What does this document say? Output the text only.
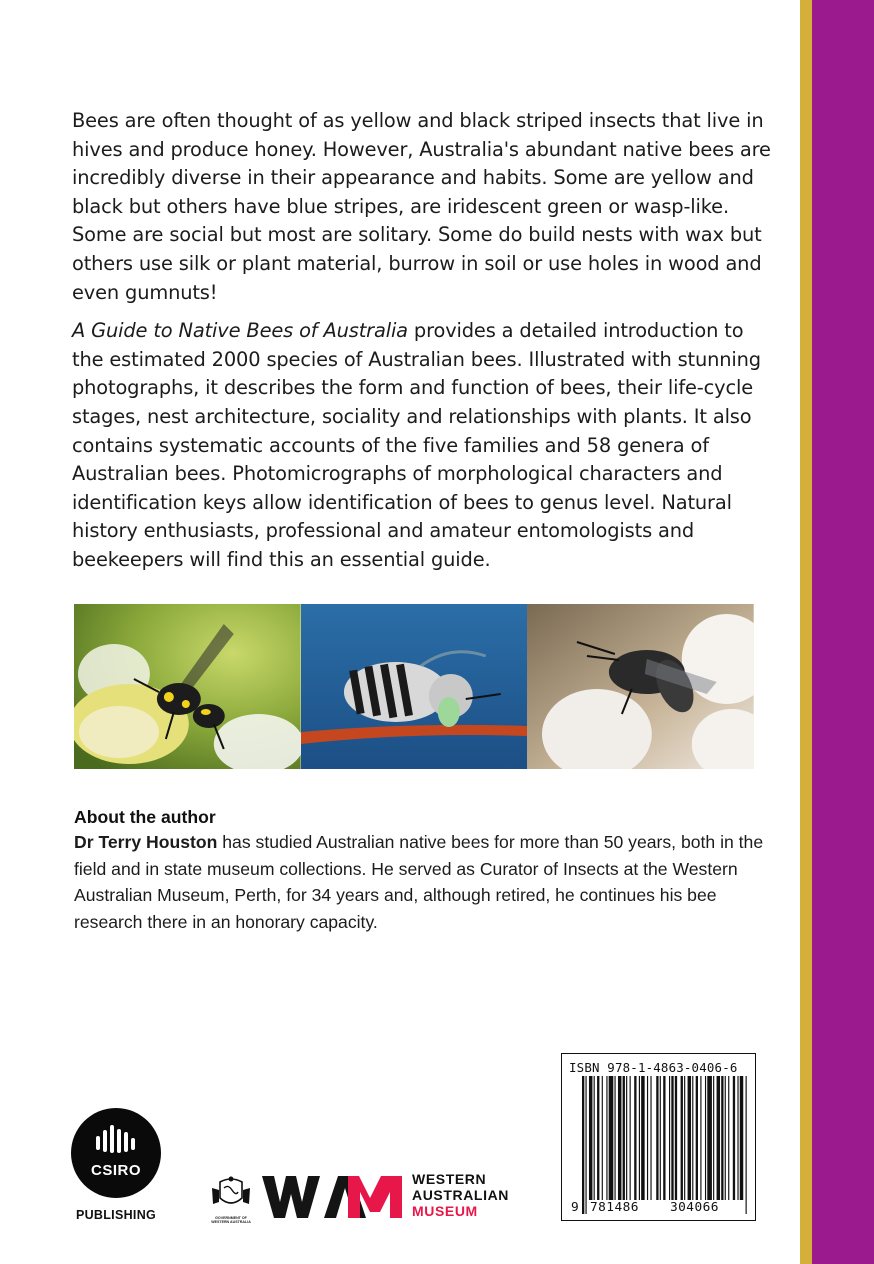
Bees are often thought of as yellow and black striped insects that live in hives and produce honey. However, Australia's abundant native bees are incredibly diverse in their appearance and habits. Some are yellow and black but others have blue stripes, are iridescent green or wasp-like. Some are social but most are solitary. Some do build nests with wax but others use silk or plant material, burrow in soil or use holes in wood and even gumnuts!

A Guide to Native Bees of Australia provides a detailed introduction to the estimated 2000 species of Australian bees. Illustrated with stunning photographs, it describes the form and function of bees, their life-cycle stages, nest architecture, sociality and relationships with plants. It also contains systematic accounts of the five families and 58 genera of Australian bees. Photomicrographs of morphological characters and identification keys allow identification of bees to genus level. Natural history enthusiasts, professional and amateur entomologists and beekeepers will find this an essential guide.

About the author
Dr Terry Houston has studied Australian native bees for more than 50 years, both in the field and in state museum collections. He served as Curator of Insects at the Western Australian Museum, Perth, for 34 years and, although retired, he continues his bee research there in an honorary capacity.
CSIRO
PUBLISHING	GOVERNMENT OF
WESTERN AUSTRALIA
WESTERN
AUSTRALIAN
MUSEUM
ISBN 978-1-4863-0406-6
9 781486 304066
